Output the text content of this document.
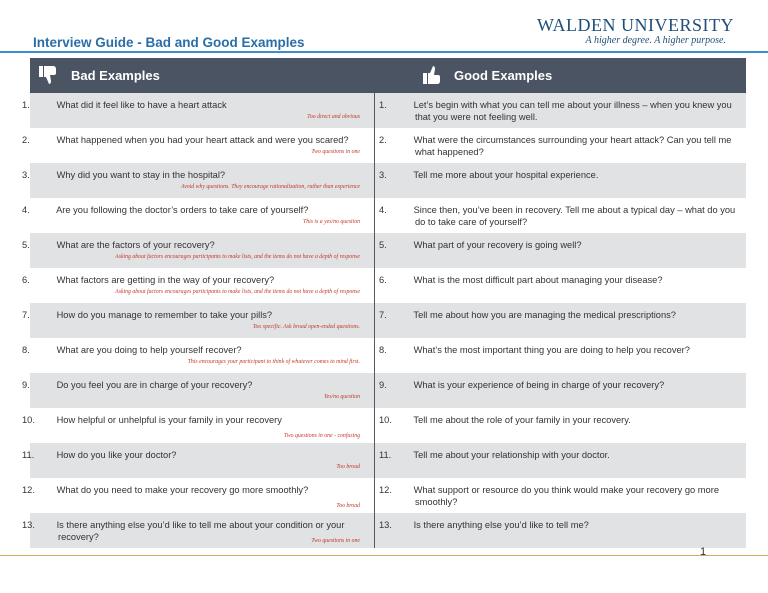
Interview Guide - Bad and Good Examples
WALDEN UNIVERSITY
A higher degree. A higher purpose.
Bad Examples	Good Examples
1.	What did it feel like to have a heart attack
Too direct and obvious
1.	Let’s begin with what you can tell me about your illness – when you knew you that you were not feeling well.
2.	What happened when you had your heart attack and were you scared?
Two questions in one
2.	What were the circumstances surrounding your heart attack? Can you tell me what happened?
3.	Why did you want to stay in the hospital?
Avoid why questions. They encourage rationalization, rather than experience
3.	Tell me more about your hospital experience.
4.	Are you following the doctor’s orders to take care of yourself?
This is a yes/no question
4.	Since then, you’ve been in recovery. Tell me about a typical day – what do you do to take care of yourself?
5.	What are the factors of your recovery?
Asking about factors encourages participants to make lists, and the items do not have a depth of response
5.	What part of your recovery is going well?
6.	What factors are getting in the way of your recovery?
Asking about factors encourages participants to make lists, and the items do not have a depth of response
6.	What is the most difficult part about managing your disease?
7.	How do you manage to remember to take your pills?
Too specific. Ask broad open-ended questions.
7.	Tell me about how you are managing the medical prescriptions?
8.	What are you doing to help yourself recover?
This encourages your participant to think of whatever comes to mind first.
8.	What’s the most important thing you are doing to help you recover?
9.	Do you feel you are in charge of your recovery?
Yes/no question
9.	What is your experience of being in charge of your recovery?
10. How helpful or unhelpful is your family in your recovery
Two questions in one - confusing
10. Tell me about the role of your family in your recovery.
11. How do you like your doctor?
Too broad
11. Tell me about your relationship with your doctor.
12. What do you need to make your recovery go more smoothly?
Too broad
12. What support or resource do you think would make your recovery go more smoothly?
13. Is there anything else you’d like to tell me about your condition or your recovery?	Two questions in one
13. Is there anything else you’d like to tell me?
1
